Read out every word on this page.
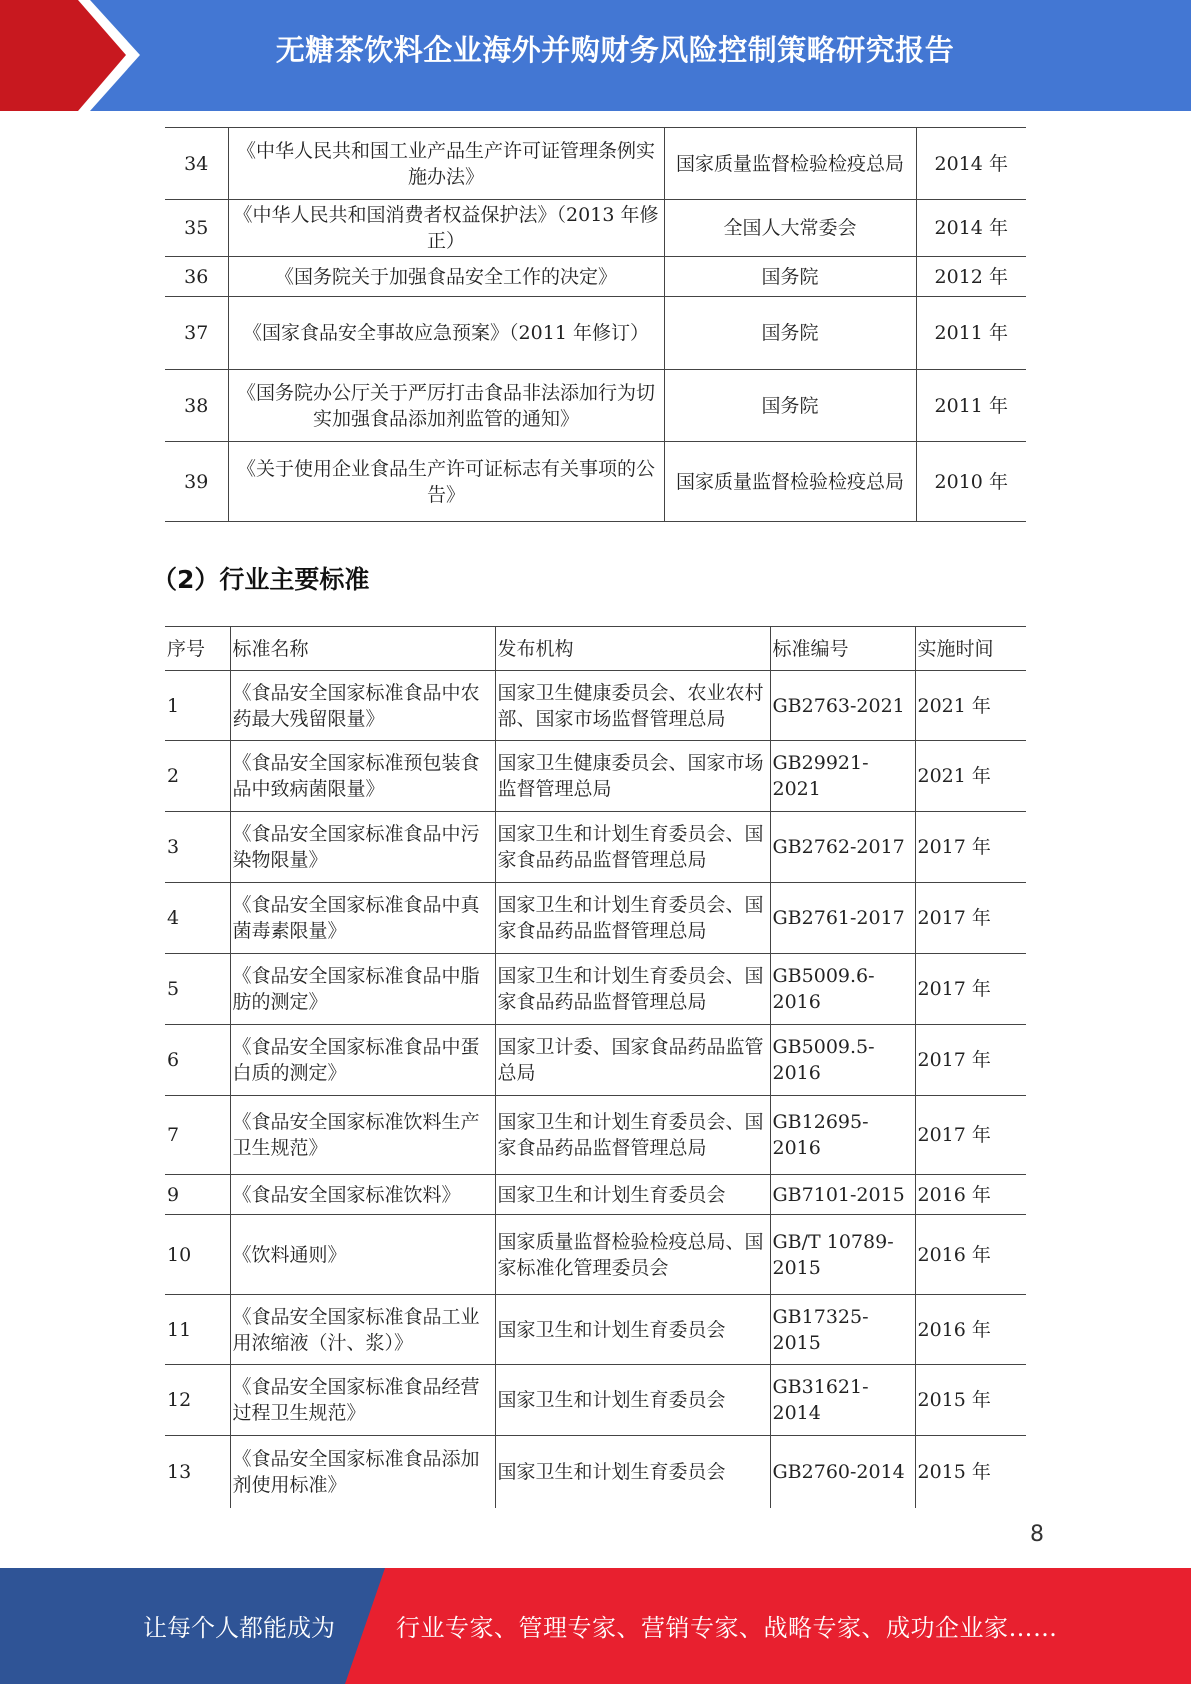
无糖茶饮料企业海外并购财务风险控制策略研究报告
34	《中华人民共和国工业产品生产许可证管理条例实施办法》	国家质量监督检验检疫总局	2014 年
35	《中华人民共和国消费者权益保护法》（2013 年修正）	全国人大常委会	2014 年
36	《国务院关于加强食品安全工作的决定》	国务院	2012 年
37	《国家食品安全事故应急预案》（2011 年修订）	国务院	2011 年
38	《国务院办公厅关于严厉打击食品非法添加行为切实加强食品添加剂监管的通知》	国务院	2011 年
39	《关于使用企业食品生产许可证标志有关事项的公告》	国家质量监督检验检疫总局	2010 年
（2）行业主要标准
序号	标准名称	发布机构	标准编号	实施时间
1	《食品安全国家标准食品中农药最大残留限量》	国家卫生健康委员会、农业农村部、国家市场监督管理总局	GB2763-2021	2021 年
2	《食品安全国家标准预包装食品中致病菌限量》	国家卫生健康委员会、国家市场监督管理总局	GB29921-2021	2021 年
3	《食品安全国家标准食品中污染物限量》	国家卫生和计划生育委员会、国家食品药品监督管理总局	GB2762-2017	2017 年
4	《食品安全国家标准食品中真菌毒素限量》	国家卫生和计划生育委员会、国家食品药品监督管理总局	GB2761-2017	2017 年
5	《食品安全国家标准食品中脂肪的测定》	国家卫生和计划生育委员会、国家食品药品监督管理总局	GB5009.6-2016	2017 年
6	《食品安全国家标准食品中蛋白质的测定》	国家卫计委、国家食品药品监管总局	GB5009.5-2016	2017 年
7	《食品安全国家标准饮料生产卫生规范》	国家卫生和计划生育委员会、国家食品药品监督管理总局	GB12695-2016	2017 年
9	《食品安全国家标准饮料》	国家卫生和计划生育委员会	GB7101-2015	2016 年
10	《饮料通则》	国家质量监督检验检疫总局、国家标准化管理委员会	GB/T 10789-2015	2016 年
11	《食品安全国家标准食品工业用浓缩液（汁、浆）》	国家卫生和计划生育委员会	GB17325-2015	2016 年
12	《食品安全国家标准食品经营过程卫生规范》	国家卫生和计划生育委员会	GB31621-2014	2015 年
13	《食品安全国家标准食品添加剂使用标准》	国家卫生和计划生育委员会	GB2760-2014	2015 年
8
让每个人都能成为	行业专家、管理专家、营销专家、战略专家、成功企业家……
